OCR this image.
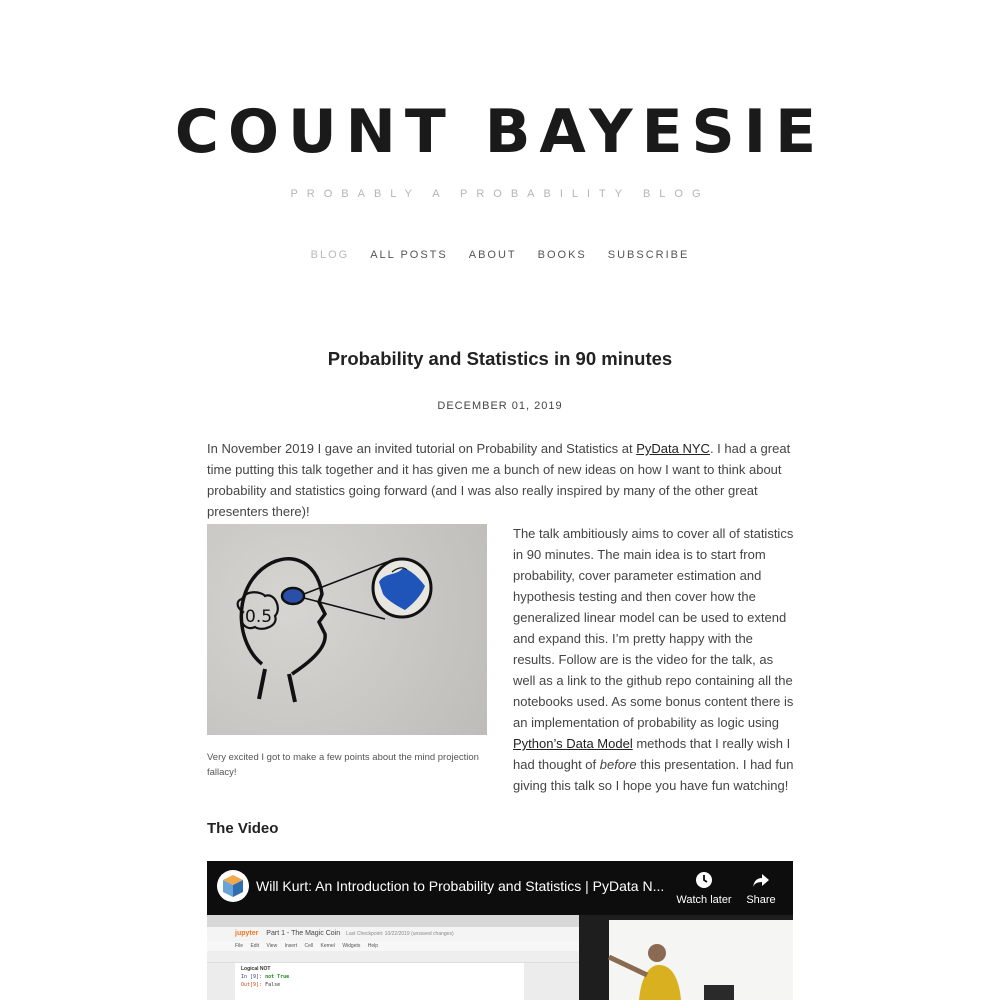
COUNT BAYESIE
PROBABLY A PROBABILITY BLOG
BLOG ALL POSTS ABOUT BOOKS SUBSCRIBE
Probability and Statistics in 90 minutes
DECEMBER 01, 2019

In November 2019 I gave an invited tutorial on Probability and Statistics at PyData NYC. I had a great time putting this talk together and it has given me a bunch of new ideas on how I want to think about probability and statistics going forward (and I was also really inspired by many of the other great presenters there)!

0.5
Very excited I got to make a few points about the mind projection fallacy!

The talk ambitiously aims to cover all of statistics in 90 minutes. The main idea is to start from probability, cover parameter estimation and hypothesis testing and then cover how the generalized linear model can be used to extend and expand this. I’m pretty happy with the results. Follow are is the video for the talk, as well as a link to the github repo containing all the notebooks used. As some bonus content there is an implementation of probability as logic using Python’s Data Model methods that I really wish I had thought of before this presentation. I had fun giving this talk so I hope you have fun watching!

The Video
Will Kurt: An Introduction to Probability and Statistics | PyData N...
Watch later	Share
jupyter Part 1 - The Magic Coin Last Checkpoint: 10/22/2019 (unsaved changes)
File Edit View Insert Cell Kernel Widgets Help
Logical NOT
In [9]: not True
Out[9]: False
